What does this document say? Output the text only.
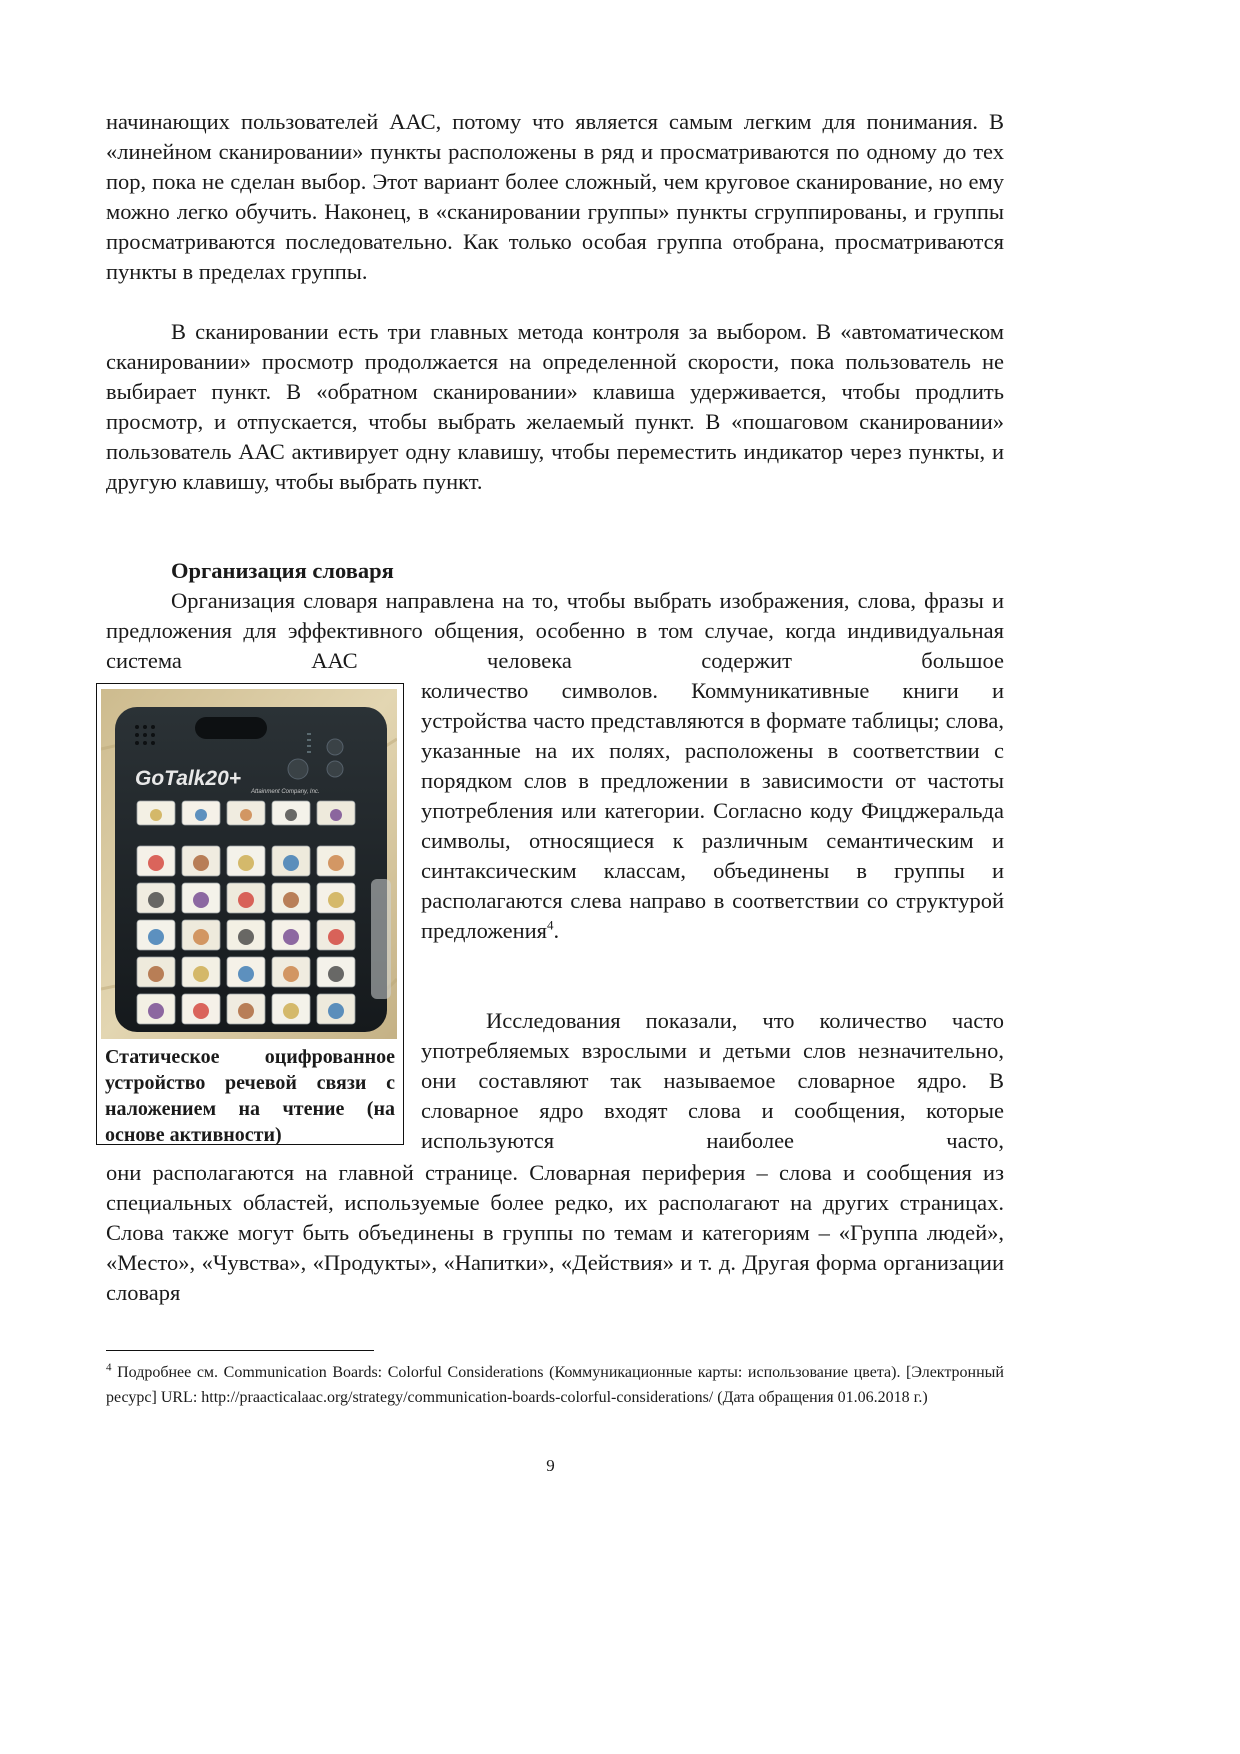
начинающих пользователей ААС, потому что является самым легким для понимания. В «линейном сканировании» пункты расположены в ряд и просматриваются по одному до тех пор, пока не сделан выбор. Этот вариант более сложный, чем круговое сканирование, но ему можно легко обучить. Наконец, в «сканировании группы» пункты сгруппированы, и группы просматриваются последовательно. Как только особая группа отобрана, просматриваются пункты в пределах группы.

В сканировании есть три главных метода контроля за выбором. В «автоматическом сканировании» просмотр продолжается на определенной скорости, пока пользователь не выбирает пункт. В «обратном сканировании» клавиша удерживается, чтобы продлить просмотр, и отпускается, чтобы выбрать желаемый пункт. В «пошаговом сканировании» пользователь ААС активирует одну клавишу, чтобы переместить индикатор через пункты, и другую клавишу, чтобы выбрать пункт.

Организация словаря

Организация словаря направлена на то, чтобы выбрать изображения, слова, фразы и предложения для эффективного общения, особенно в том случае, когда индивидуальная система ААС человека содержит большое

количество символов. Коммуникативные книги и устройства часто представляются в формате таблицы; слова, указанные на их полях, расположены в соответствии с порядком слов в предложении в зависимости от частоты употребления или категории. Согласно коду Фицджеральда символы, относящиеся к различным семантическим и синтаксическим классам, объединены в группы и располагаются слева направо в соответствии со структурой предложения$^4$.

Исследования показали, что количество часто употребляемых взрослыми и детьми слов незначительно, они составляют так называемое словарное ядро. В словарное ядро входят слова и сообщения, которые используются наиболее часто,

они располагаются на главной странице. Словарная периферия – слова и сообщения из специальных областей, используемые более редко, их располагают на других страницах. Слова также могут быть объединены в группы по темам и категориям – «Группа людей», «Место», «Чувства», «Продукты», «Напитки», «Действия» и т. д. Другая форма организации словаря

GoTalk20+
Attainment Company, Inc.
Статическое оцифрованное устройство речевой связи с наложением на чтение (на основе активности)
$^4$ Подробнее см. Communication Boards: Colorful Considerations (Коммуникационные карты: использование цвета). [Электронный ресурс] URL: http://praacticalaac.org/strategy/communication-boards-colorful-considerations/ (Дата обращения 01.06.2018 г.)
9
